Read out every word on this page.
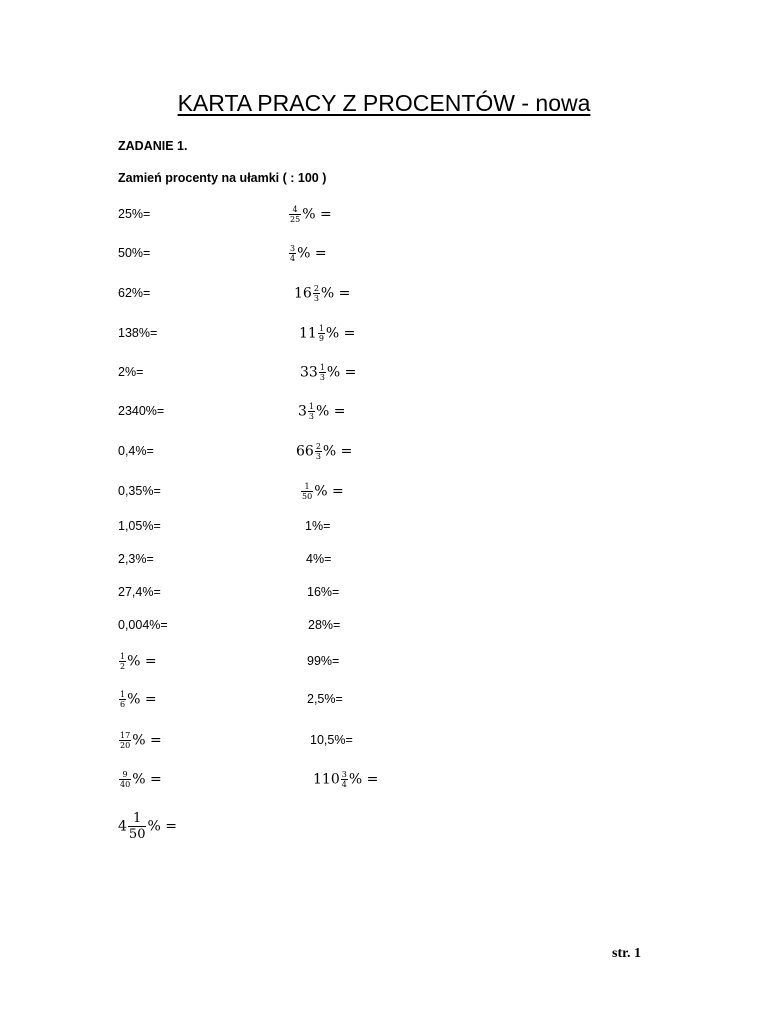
KARTA PRACY Z PROCENTÓW - nowa
ZADANIE 1.
Zamień procenty na ułamki ( : 100 )
25%=
50%=
62%=
138%=
2%=
2340%=
0,4%=
0,35%=
1,05%=
2,3%=
27,4%=
0,004%=
$\frac{1}{2}$ % =
$\frac{1}{6}$ % =
$\frac{17}{20}$ % =
$\frac{9}{40}$ % =
$4 \frac{1}{50}$ % =
$\frac{4}{25}$ % =
$\frac{3}{4}$ % =
$16 \frac{2}{3}$ % =
$11 \frac{1}{9}$ % =
$33 \frac{1}{3}$ % =
$3 \frac{1}{3}$ % =
$66 \frac{2}{3}$ % =
$\frac{1}{50}$ % =
1%=
4%=
16%=
28%=
99%=
2,5%=
10,5%=
$110 \frac{3}{4}$ % =
str. 1
